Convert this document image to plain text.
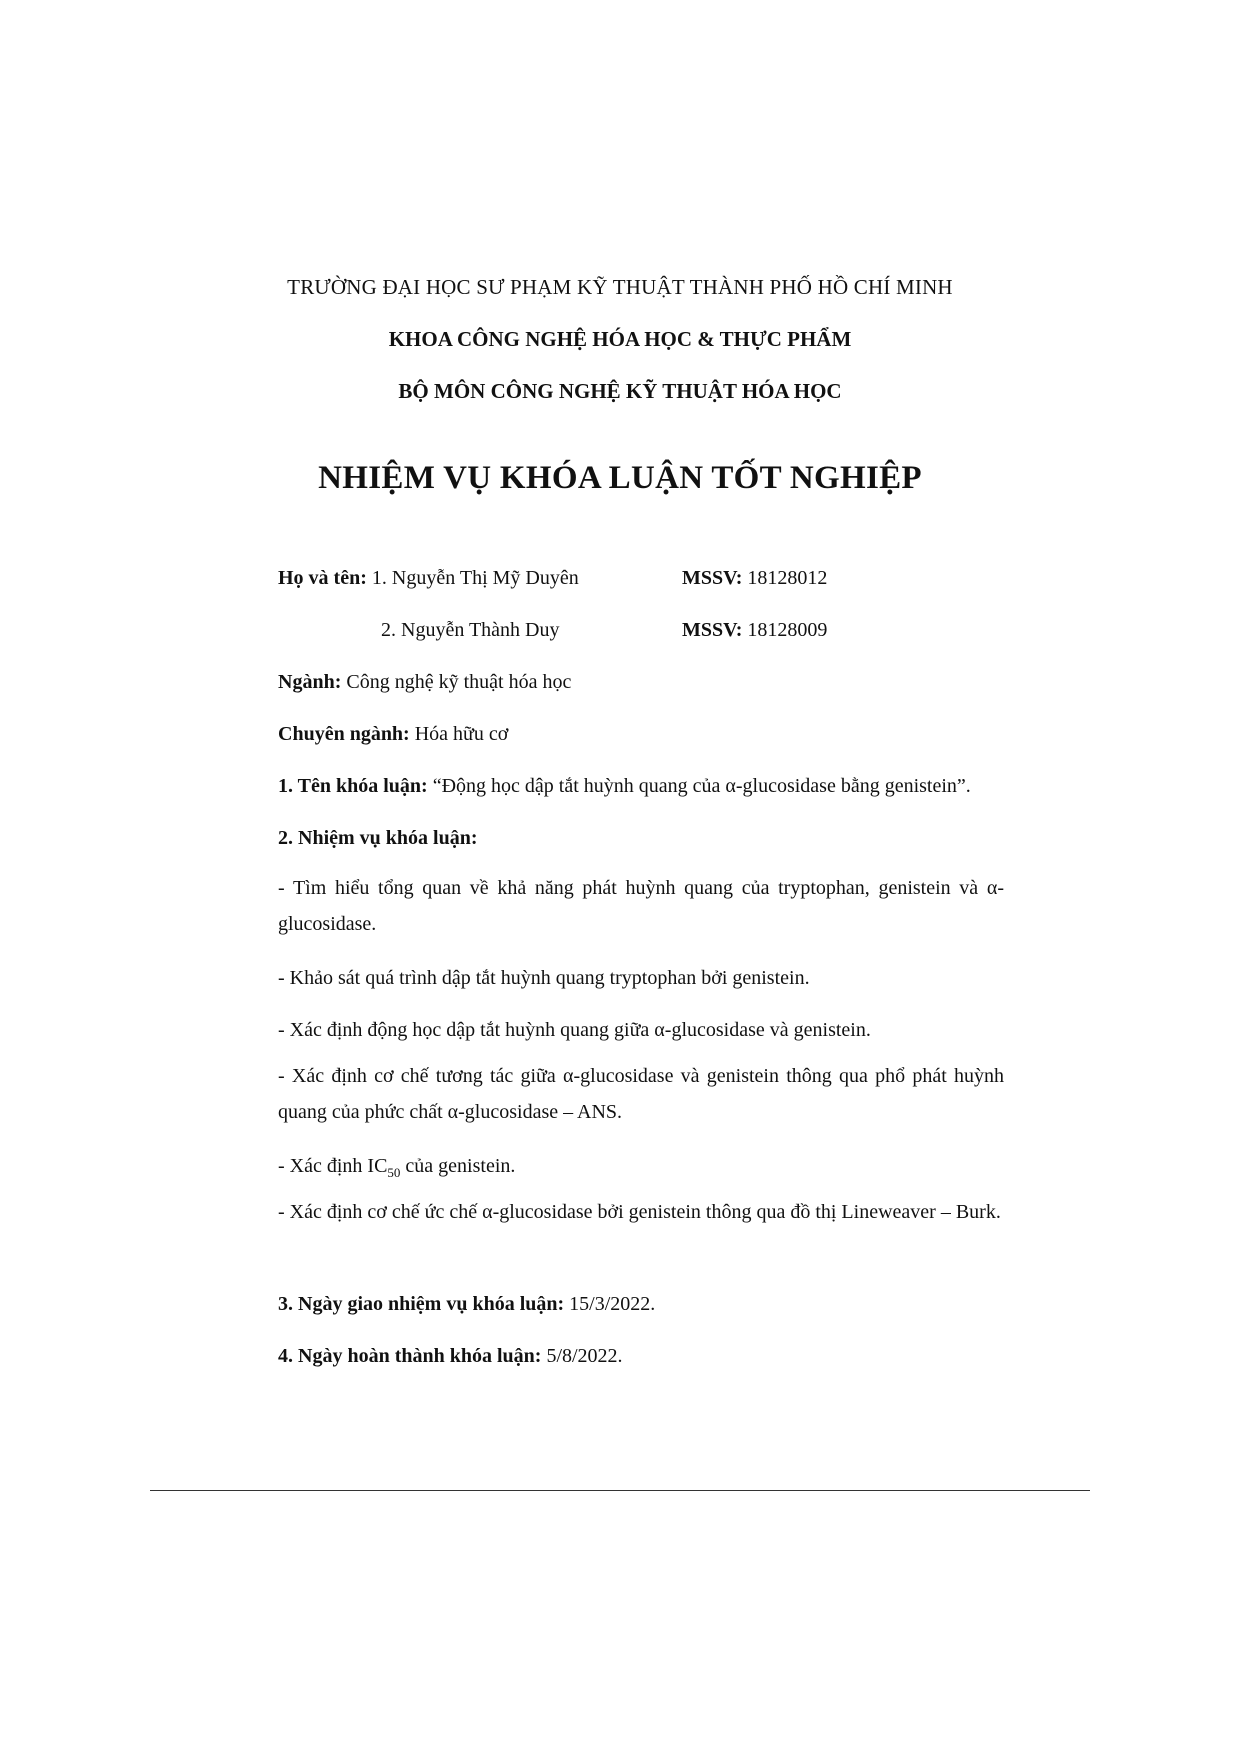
TRƯỜNG ĐẠI HỌC SƯ PHẠM KỸ THUẬT THÀNH PHỐ HỒ CHÍ MINH
KHOA CÔNG NGHỆ HÓA HỌC & THỰC PHẨM
BỘ MÔN CÔNG NGHỆ KỸ THUẬT HÓA HỌC
NHIỆM VỤ KHÓA LUẬN TỐT NGHIỆP
Họ và tên: 1. Nguyễn Thị Mỹ Duyên	MSSV: 18128012
2. Nguyễn Thành Duy	MSSV: 18128009
Ngành: Công nghệ kỹ thuật hóa học
Chuyên ngành: Hóa hữu cơ
1. Tên khóa luận: “Động học dập tắt huỳnh quang của α-glucosidase bằng genistein”.
2. Nhiệm vụ khóa luận:
- Tìm hiểu tổng quan về khả năng phát huỳnh quang của tryptophan, genistein và α-glucosidase.
- Khảo sát quá trình dập tắt huỳnh quang tryptophan bởi genistein.
- Xác định động học dập tắt huỳnh quang giữa α-glucosidase và genistein.
- Xác định cơ chế tương tác giữa α-glucosidase và genistein thông qua phổ phát huỳnh quang của phức chất α-glucosidase – ANS.
- Xác định $IC_{50}$ của genistein.
- Xác định cơ chế ức chế α-glucosidase bởi genistein thông qua đồ thị Lineweaver – Burk.
3. Ngày giao nhiệm vụ khóa luận: 15/3/2022.
4. Ngày hoàn thành khóa luận: 5/8/2022.
